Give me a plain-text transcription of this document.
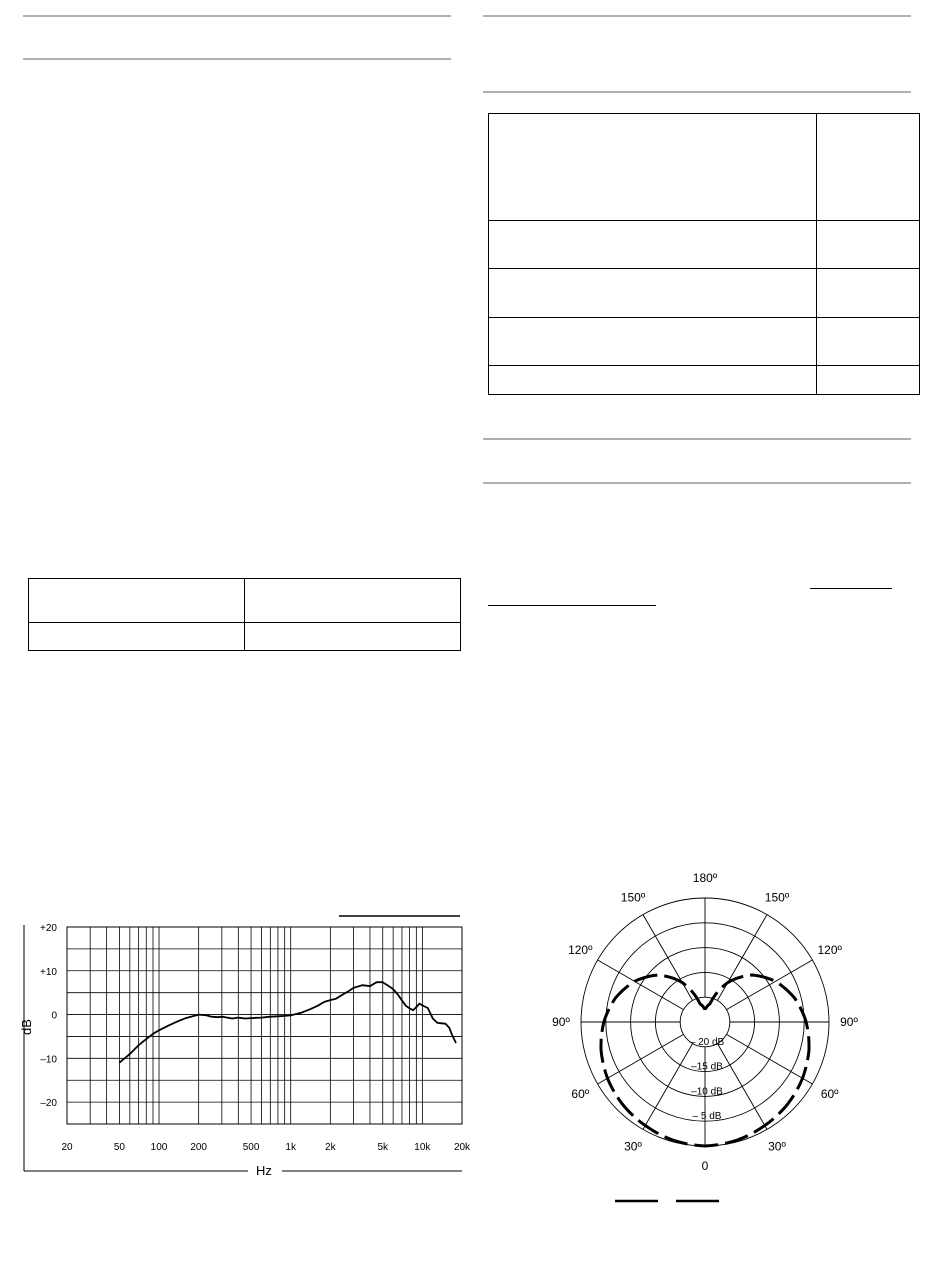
+20
+10
0
–10
–20
20	50	100 200	500	1k	2k	5k	10k 20k
dB
Hz	0
30º
30º
60º
60º
90º
90º
120º
120º
150º
150º
180º
– 20 dB
–15 dB
–10 dB
– 5 dB
